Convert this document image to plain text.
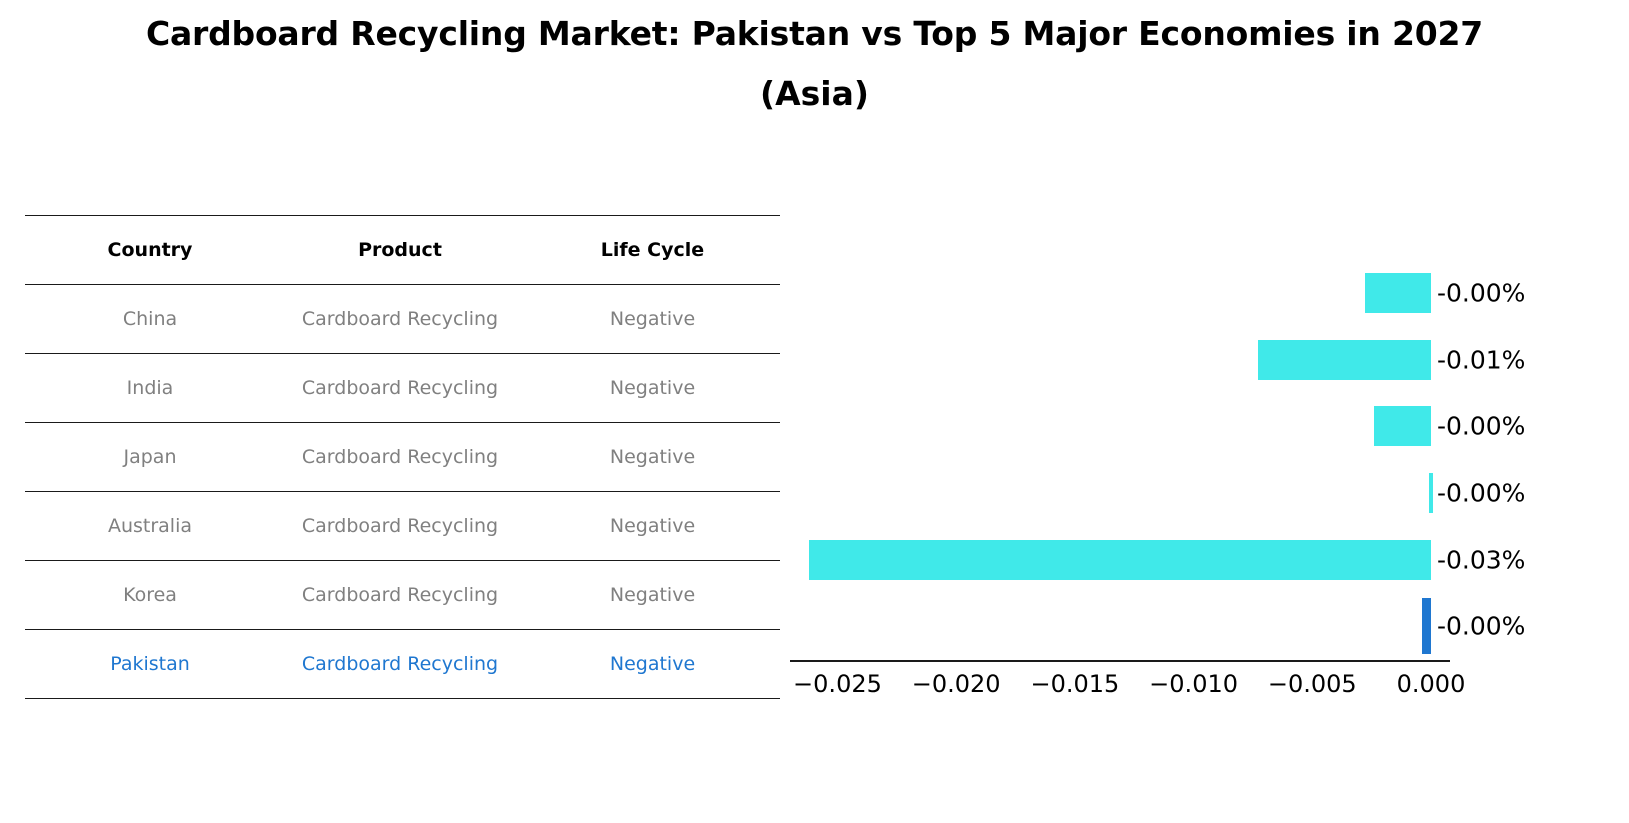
Cardboard Recycling Market: Pakistan vs Top 5 Major Economies in 2027
(Asia)
Country	Product	Life Cycle
China	Cardboard Recycling	Negative
India	Cardboard Recycling	Negative
Japan	Cardboard Recycling	Negative
Australia	Cardboard Recycling	Negative
Korea	Cardboard Recycling	Negative
Pakistan	Cardboard Recycling	Negative
-0.00%
-0.01%
-0.00%
-0.00%
-0.03%
-0.00%
−0.025 −0.020 −0.015 −0.010 −0.005 0.000
